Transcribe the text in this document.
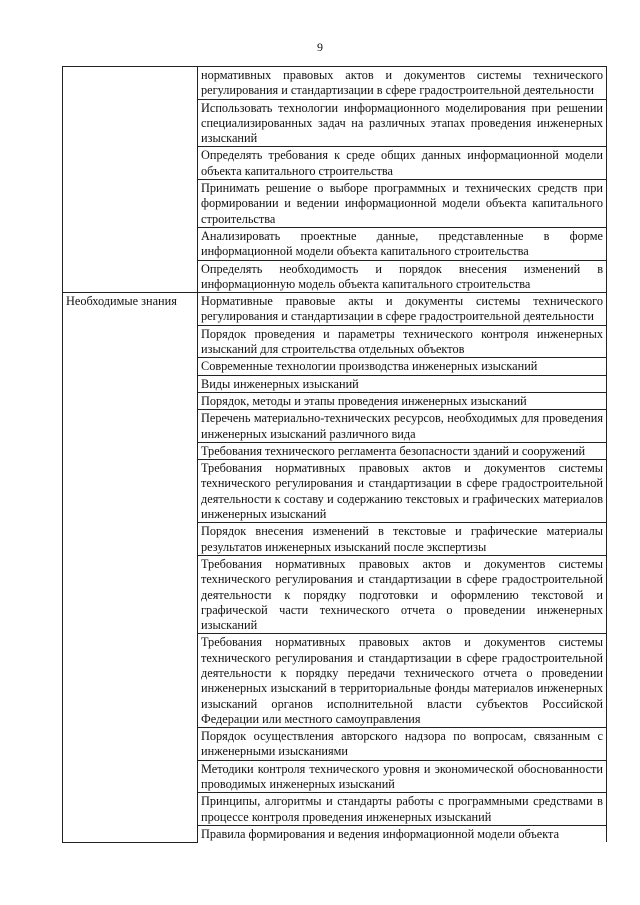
9
	нормативных правовых актов и документов системы технического регулирования и стандартизации в сфере градостроительной деятельности
	Использовать технологии информационного моделирования при решении специализированных задач на различных этапах проведения инженерных изысканий
	Определять требования к среде общих данных информационной модели объекта капитального строительства
	Принимать решение о выборе программных и технических средств при формировании и ведении информационной модели объекта капитального строительства
	Анализировать проектные данные, представленные в форме информационной модели объекта капитального строительства
	Определять необходимость и порядок внесения изменений в информационную модель объекта капитального строительства
Необходимые знания	Нормативные правовые акты и документы системы технического регулирования и стандартизации в сфере градостроительной деятельности
	Порядок проведения и параметры технического контроля инженерных изысканий для строительства отдельных объектов
	Современные технологии производства инженерных изысканий
	Виды инженерных изысканий
	Порядок, методы и этапы проведения инженерных изысканий
	Перечень материально-технических ресурсов, необходимых для проведения инженерных изысканий различного вида
	Требования технического регламента безопасности зданий и сооружений
	Требования нормативных правовых актов и документов системы технического регулирования и стандартизации в сфере градостроительной деятельности к составу и содержанию текстовых и графических материалов инженерных изысканий
	Порядок внесения изменений в текстовые и графические материалы результатов инженерных изысканий после экспертизы
	Требования нормативных правовых актов и документов системы технического регулирования и стандартизации в сфере градостроительной деятельности к порядку подготовки и оформлению текстовой и графической части технического отчета о проведении инженерных изысканий
	Требования нормативных правовых актов и документов системы технического регулирования и стандартизации в сфере градостроительной деятельности к порядку передачи технического отчета о проведении инженерных изысканий в территориальные фонды материалов инженерных изысканий органов исполнительной власти субъектов Российской Федерации или местного самоуправления
	Порядок осуществления авторского надзора по вопросам, связанным с инженерными изысканиями
	Методики контроля технического уровня и экономической обоснованности проводимых инженерных изысканий
	Принципы, алгоритмы и стандарты работы с программными средствами в процессе контроля проведения инженерных изысканий
	Правила формирования и ведения информационной модели объекта
